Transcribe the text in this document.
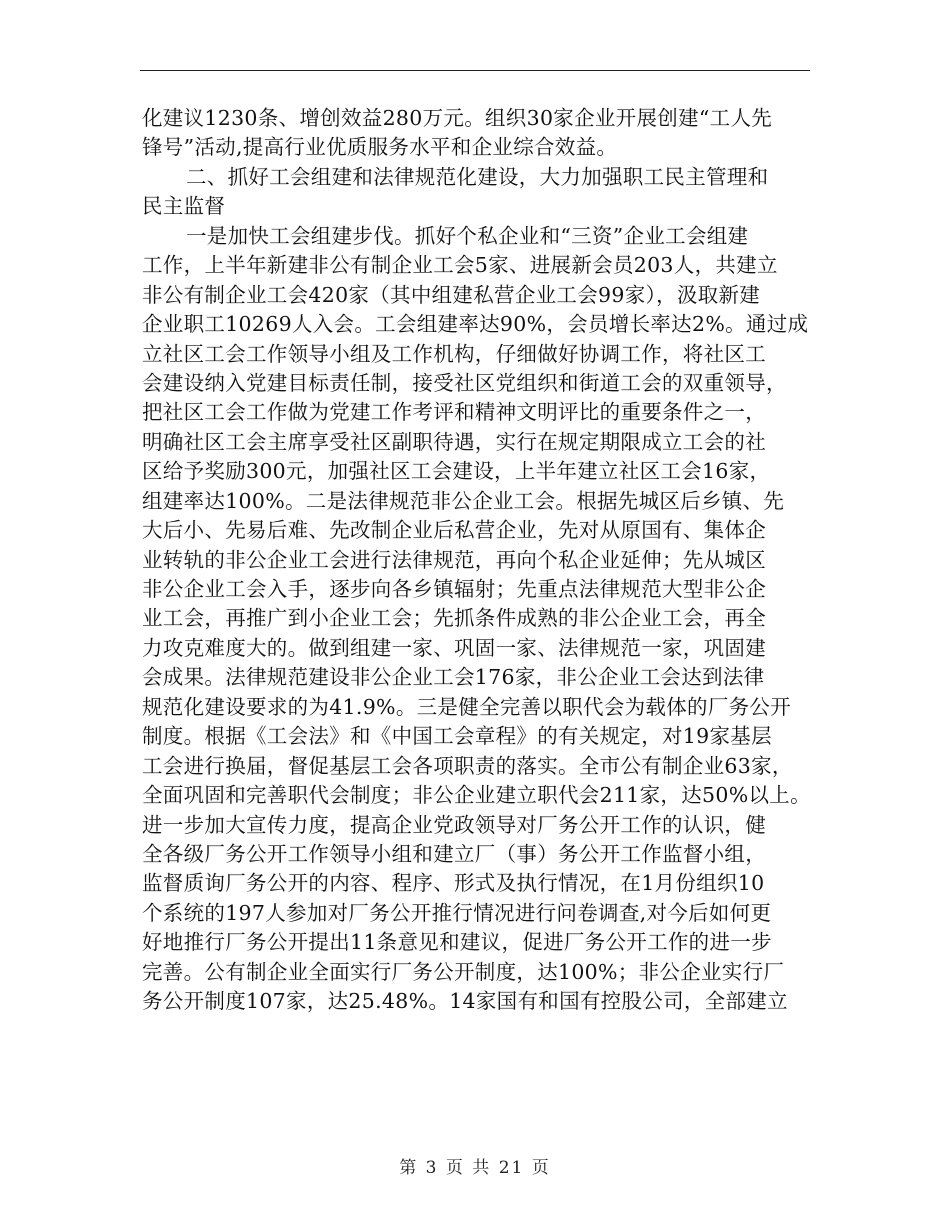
化建议1230条、增创效益280万元。组织30家企业开展创建“工人先
锋号”活动,提高行业优质服务水平和企业综合效益。
二、抓好工会组建和法律规范化建设，大力加强职工民主管理和
民主监督
一是加快工会组建步伐。抓好个私企业和“三资”企业工会组建
工作，上半年新建非公有制企业工会5家、进展新会员203人，共建立
非公有制企业工会420家（其中组建私营企业工会99家），汲取新建
企业职工10269人入会。工会组建率达90%，会员增长率达2%。通过成
立社区工会工作领导小组及工作机构，仔细做好协调工作，将社区工
会建设纳入党建目标责任制，接受社区党组织和街道工会的双重领导，
把社区工会工作做为党建工作考评和精神文明评比的重要条件之一，
明确社区工会主席享受社区副职待遇，实行在规定期限成立工会的社
区给予奖励300元，加强社区工会建设，上半年建立社区工会16家，
组建率达100%。二是法律规范非公企业工会。根据先城区后乡镇、先
大后小、先易后难、先改制企业后私营企业，先对从原国有、集体企
业转轨的非公企业工会进行法律规范，再向个私企业延伸；先从城区
非公企业工会入手，逐步向各乡镇辐射；先重点法律规范大型非公企
业工会，再推广到小企业工会；先抓条件成熟的非公企业工会，再全
力攻克难度大的。做到组建一家、巩固一家、法律规范一家，巩固建
会成果。法律规范建设非公企业工会176家，非公企业工会达到法律
规范化建设要求的为41.9%。三是健全完善以职代会为载体的厂务公开
制度。根据《工会法》和《中国工会章程》的有关规定，对19家基层
工会进行换届，督促基层工会各项职责的落实。全市公有制企业63家，
全面巩固和完善职代会制度；非公企业建立职代会211家，达50%以上。
进一步加大宣传力度，提高企业党政领导对厂务公开工作的认识，健
全各级厂务公开工作领导小组和建立厂（事）务公开工作监督小组，
监督质询厂务公开的内容、程序、形式及执行情况，在1月份组织10
个系统的197人参加对厂务公开推行情况进行问卷调查,对今后如何更
好地推行厂务公开提出11条意见和建议，促进厂务公开工作的进一步
完善。公有制企业全面实行厂务公开制度，达100%；非公企业实行厂
务公开制度107家，达25.48%。14家国有和国有控股公司，全部建立
第 3 页 共 21 页
